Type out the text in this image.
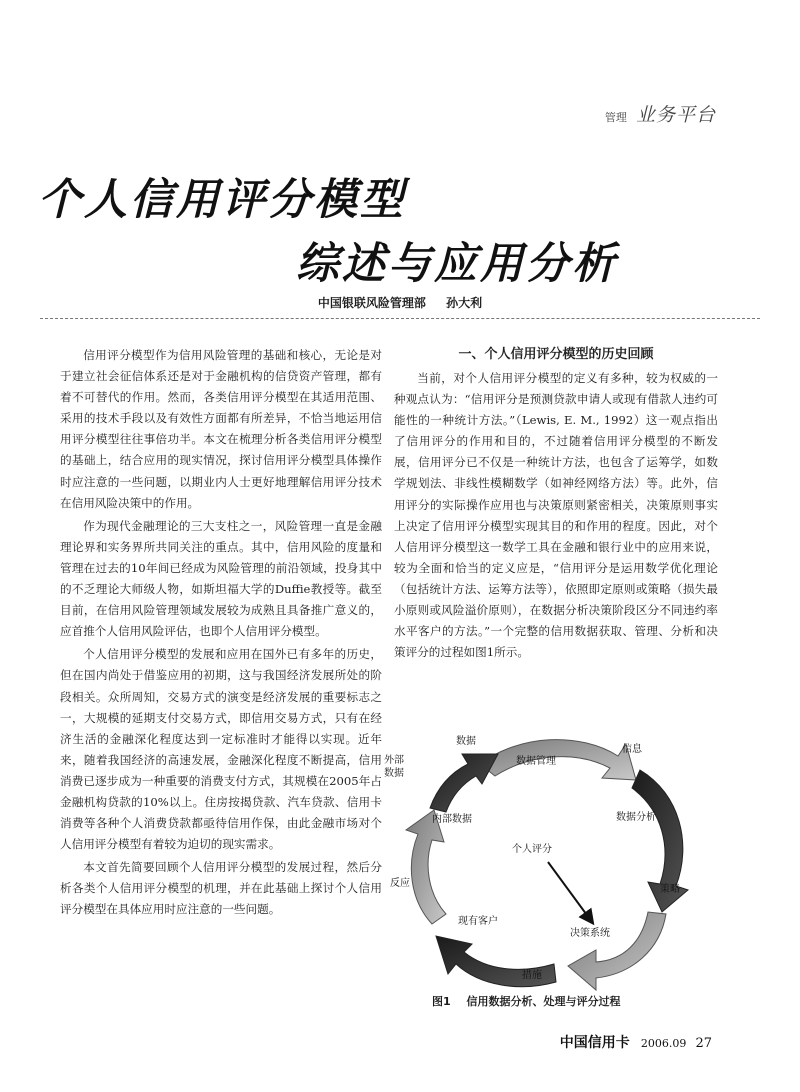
管理 业务平台
个人信用评分模型
综述与应用分析
中国银联风险管理部 孙大利

信用评分模型作为信用风险管理的基础和核心，无论是对于建立社会征信体系还是对于金融机构的信贷资产管理，都有着不可替代的作用。然而，各类信用评分模型在其适用范围、采用的技术手段以及有效性方面都有所差异，不恰当地运用信用评分模型往往事倍功半。本文在梳理分析各类信用评分模型的基础上，结合应用的现实情况，探讨信用评分模型具体操作时应注意的一些问题，以期业内人士更好地理解信用评分技术在信用风险决策中的作用。

作为现代金融理论的三大支柱之一，风险管理一直是金融理论界和实务界所共同关注的重点。其中，信用风险的度量和管理在过去的10年间已经成为风险管理的前沿领域，投身其中的不乏理论大师级人物，如斯坦福大学的Duffie教授等。截至目前，在信用风险管理领域发展较为成熟且具备推广意义的，应首推个人信用风险评估，也即个人信用评分模型。

个人信用评分模型的发展和应用在国外已有多年的历史，但在国内尚处于借鉴应用的初期，这与我国经济发展所处的阶段相关。众所周知，交易方式的演变是经济发展的重要标志之一，大规模的延期支付交易方式，即信用交易方式，只有在经济生活的金融深化程度达到一定标准时才能得以实现。近年来，随着我国经济的高速发展，金融深化程度不断提高，信用消费已逐步成为一种重要的消费支付方式，其规模在2005年占金融机构贷款的10%以上。住房按揭贷款、汽车贷款、信用卡消费等各种个人消费贷款都亟待信用作保，由此金融市场对个人信用评分模型有着较为迫切的现实需求。

本文首先简要回顾个人信用评分模型的发展过程，然后分析各类个人信用评分模型的机理，并在此基础上探讨个人信用评分模型在具体应用时应注意的一些问题。

一、个人信用评分模型的历史回顾

当前，对个人信用评分模型的定义有多种，较为权威的一种观点认为：“信用评分是预测贷款申请人或现有借款人违约可能性的一种统计方法。”（Lewis, E. M., 1992）这一观点指出了信用评分的作用和目的，不过随着信用评分模型的不断发展，信用评分已不仅是一种统计方法，也包含了运筹学，如数学规划法、非线性模糊数学（如神经网络方法）等。此外，信用评分的实际操作应用也与决策原则紧密相关，决策原则事实上决定了信用评分模型实现其目的和作用的程度。因此，对个人信用评分模型这一数学工具在金融和银行业中的应用来说，较为全面和恰当的定义应是，“信用评分是运用数学优化理论（包括统计方法、运筹方法等），依照即定原则或策略（损失最小原则或风险溢价原则），在数据分析决策阶段区分不同违约率水平客户的方法。”一个完整的信用数据获取、管理、分析和决策评分的过程如图1所示。

数据
数据管理
信息
外部数据
数据分析
内部数据
个人评分
反应
策略
现有客户
决策系统
措施
图1 信用数据分析、处理与评分过程
中国信用卡 2006.09 27
